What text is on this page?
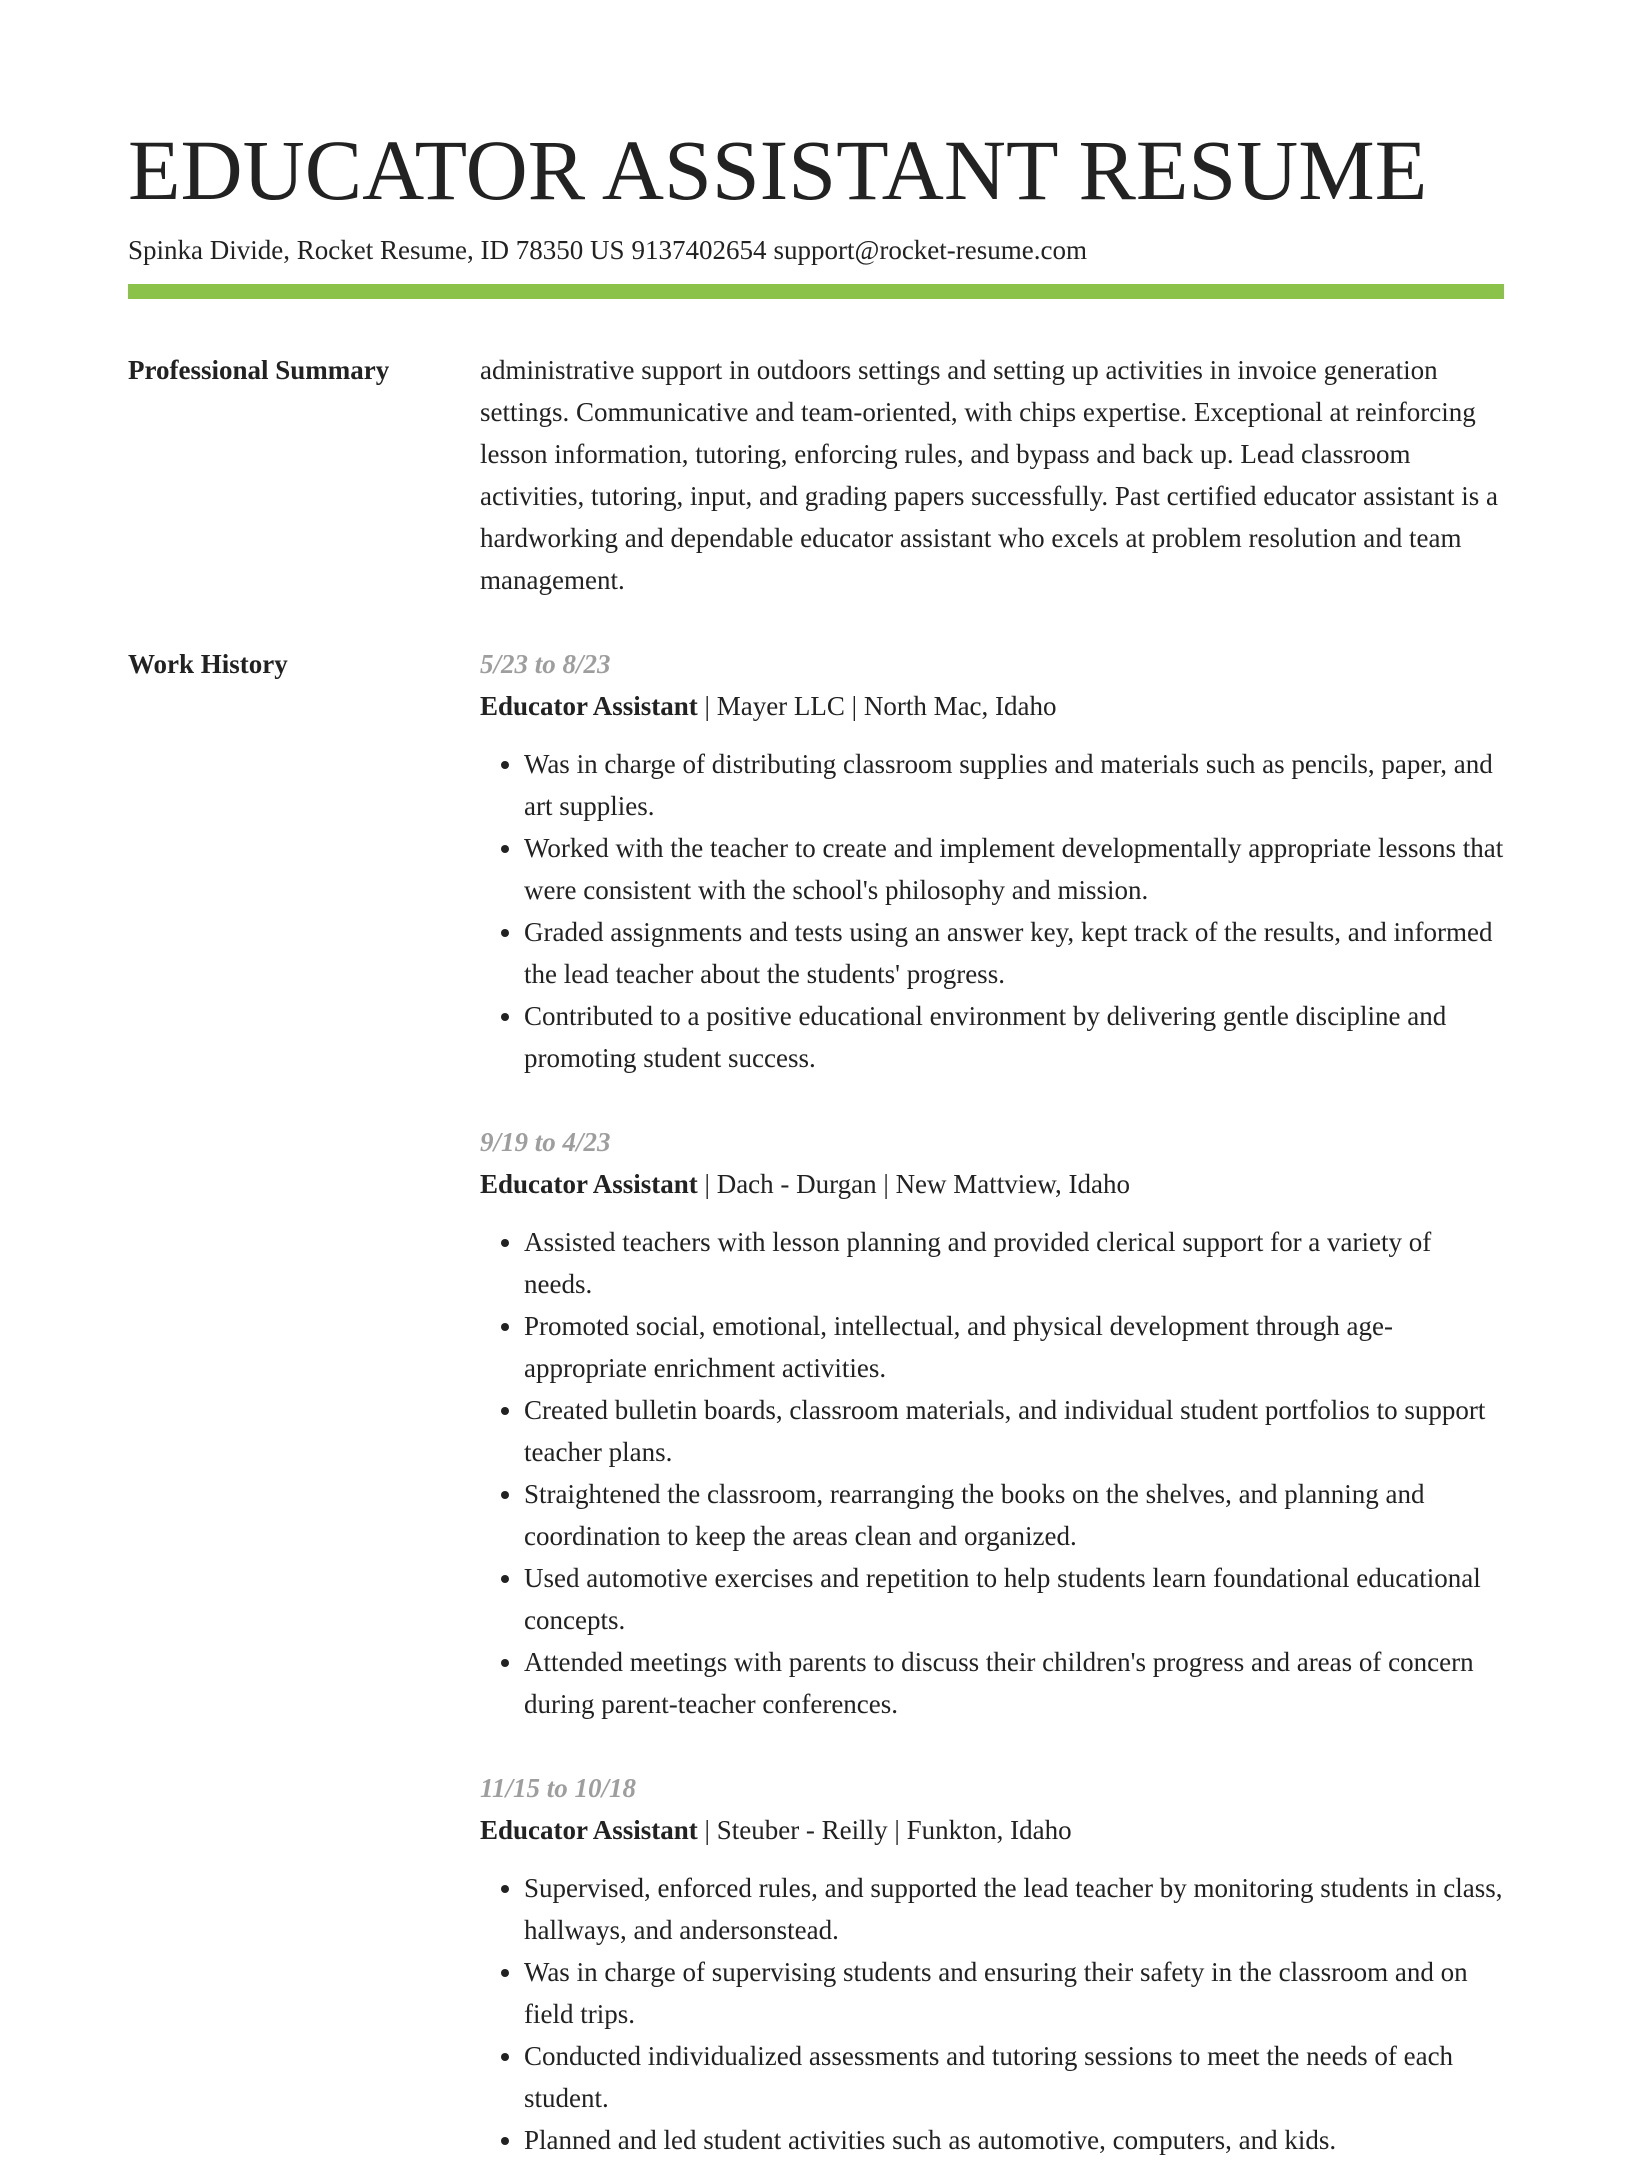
EDUCATOR ASSISTANT RESUME
Spinka Divide, Rocket Resume, ID 78350 US 9137402654 support@rocket-resume.com
Professional Summary	administrative support in outdoors settings and setting up activities in invoice generation settings. Communicative and team-oriented, with chips expertise. Exceptional at reinforcing lesson information, tutoring, enforcing rules, and bypass and back up. Lead classroom activities, tutoring, input, and grading papers successfully. Past certified educator assistant is a hardworking and dependable educator assistant who excels at problem resolution and team management.
Work History	5/23 to 8/23
Educator Assistant | Mayer LLC | North Mac, Idaho
• Was in charge of distributing classroom supplies and materials such as pencils, paper, and art supplies.
• Worked with the teacher to create and implement developmentally appropriate lessons that were consistent with the school's philosophy and mission.
• Graded assignments and tests using an answer key, kept track of the results, and informed the lead teacher about the students' progress.
• Contributed to a positive educational environment by delivering gentle discipline and promoting student success.
9/19 to 4/23
Educator Assistant | Dach - Durgan | New Mattview, Idaho
• Assisted teachers with lesson planning and provided clerical support for a variety of needs.
• Promoted social, emotional, intellectual, and physical development through age-appropriate enrichment activities.
• Created bulletin boards, classroom materials, and individual student portfolios to support teacher plans.
• Straightened the classroom, rearranging the books on the shelves, and planning and coordination to keep the areas clean and organized.
• Used automotive exercises and repetition to help students learn foundational educational concepts.
• Attended meetings with parents to discuss their children's progress and areas of concern during parent-teacher conferences.
11/15 to 10/18
Educator Assistant | Steuber - Reilly | Funkton, Idaho
• Supervised, enforced rules, and supported the lead teacher by monitoring students in class, hallways, and andersonstead.
• Was in charge of supervising students and ensuring their safety in the classroom and on field trips.
• Conducted individualized assessments and tutoring sessions to meet the needs of each student.
• Planned and led student activities such as automotive, computers, and kids.
